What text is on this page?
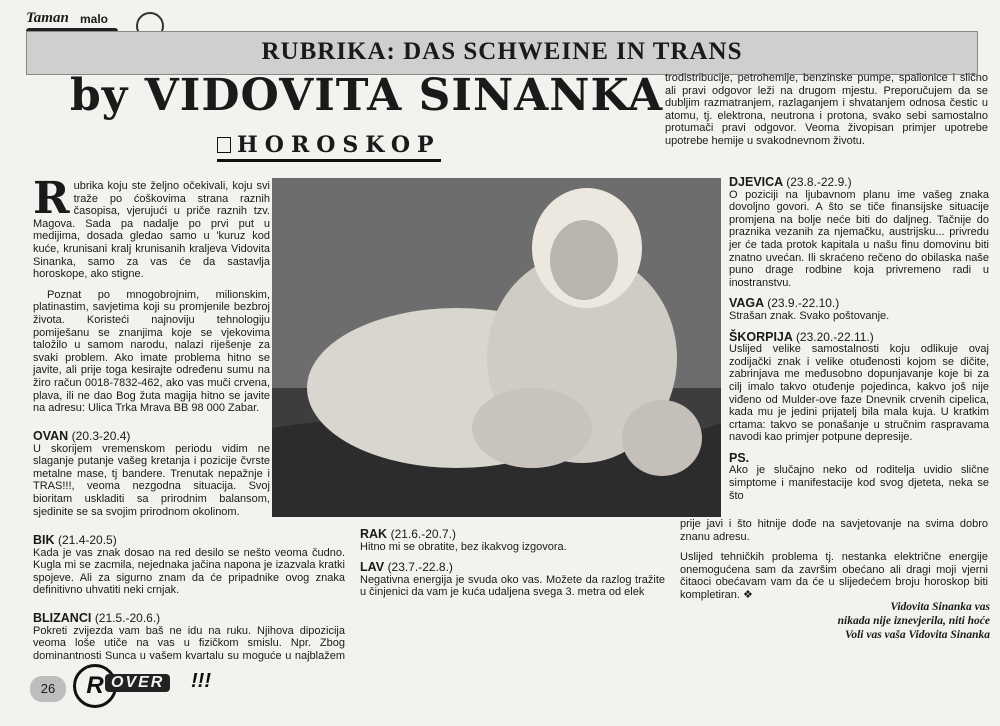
Taman malo
RUBRIKA: DAS SCHWEINE IN TRANS
by VIDOVITA SINANKA
HOROSKOP

Rubrika koju ste željno očekivali, koju svi traže po ćoškovima strana raznih časopisa, vjerujući u priče raznih tzv. Magova. Sada pa nadalje po prvi put u medijima, dosada gledao samo u 'kuruz kod kuće, krunisani kralj krunisanih kraljeva Vidovita Sinanka, samo za vas će da sastavlja horoskope, ako stigne.

Poznat po mnogobrojnim, milionskim, platinastim, savjetima koji su promjenile bezbroj života. Koristeći najnoviju tehnologiju pomiješanu se znanjima koje se vjekovima taložilo u samom narodu, nalazi riješenje za svaki problem. Ako imate problema hitno se javite, ali prije toga kesirajte određenu sumu na žiro račun 0018-7832-462, ako vas muči crvena, plava, ili ne dao Bog žuta magija hitno se javite na adresu: Ulica Trka Mrava BB 98 000 Zabar.

OVAN (20.3-20.4)

U skorijem vremenskom periodu vidim ne slaganje putanje vašeg kretanja i pozicije čvrste metalne mase, tj bandere. Trenutak nepažnje i TRAS!!!, veoma nezgodna situacija. Svoj bioritam uskladiti sa prirodnim balansom, sjedinite se sa svojim prirodnom okolinom.

BIK (21.4-20.5)

Kada je vas znak dosao na red desilo se nešto veoma čudno. Kugla mi se zacmila, nejednaka jačina napona je izazvala kratki spojeve. Ali za sigurno znam da će pripadnike ovog znaka definitivno uhvatiti neki crnjak.

BLIZANCI (21.5.-20.6.)

Pokreti zvijezda vam baš ne idu na ruku. Njihova dipozicija veoma loše utiče na vas u fizičkom smislu. Npr. Zbog dominantnosti Sunca u vašem kvartalu su moguće u najblažem

RAK (21.6.-20.7.)

Hitno mi se obratite, bez ikakvog izgovora.

LAV (23.7.-22.8.)

Negativna energija je svuda oko vas. Možete da razlog tražite u činjenici da vam je kuća udaljena svega 3. metra od elek

trodistribucije, petrohemije, benzinske pumpe, spalionice i slično ali pravi odgovor leži na drugom mjestu. Preporučujem da se dubljim razmatranjem, razlaganjem i shvatanjem odnosa čestic u atomu, tj. elektrona, neutrona i protona, svako sebi samostalno protumači pravi odgovor. Veoma živopisan primjer upotrebe upotrebe hemije u svakodnevnom životu.

DJEVICA (23.8.-22.9.)

O poziciji na ljubavnom planu ime vašeg znaka dovoljno govori. A što se tiče finansijske situacije promjena na bolje neće biti do daljneg. Tačnije do praznika vezanih za njemačku, austrijsku... privredu jer će tada protok kapitala u našu finu domovinu biti znatno uvećan. Ili skraćeno rečeno do obilaska naše puno drage rodbine koja privremeno radi u inostranstvu.

VAGA (23.9.-22.10.)

Strašan znak. Svako poštovanje.

ŠKORPIJA (23.20.-22.11.)

Uslijed velike samostalnosti koju odlikuje ovaj zodijački znak i velike otuđenosti kojom se dičite, zabrinjava me međusobno dopunjavanje koje bi za cilj imalo takvo otuđenje pojedinca, kakvo još nije viđeno od Mulder-ove faze Dnevnik crvenih cipelica, kada mu je jedini prijatelj bila mala kuja. U kratkim crtama: takvo se ponašanje u stručnim raspravama navodi kao primjer potpune depresije.

PS.

Ako je slučajno neko od roditelja uvidio slične simptome i manifestacije kod svog djeteta, neka se što

prije javi i što hitnije dođe na savjetovanje na svima dobro znanu adresu.

Uslijed tehničkih problema tj. nestanka električne energije onemogućena sam da završim obećano ali dragi moji vjerni čitaoci obećavam vam da će u slijedećem broju horoskop biti kompletiran. ❖

Vidovita Sinanka vas
nikada nije iznevjerila, niti hoće
Voli vas vaša Vidovita Sinanka
26	R OVER	!!!
